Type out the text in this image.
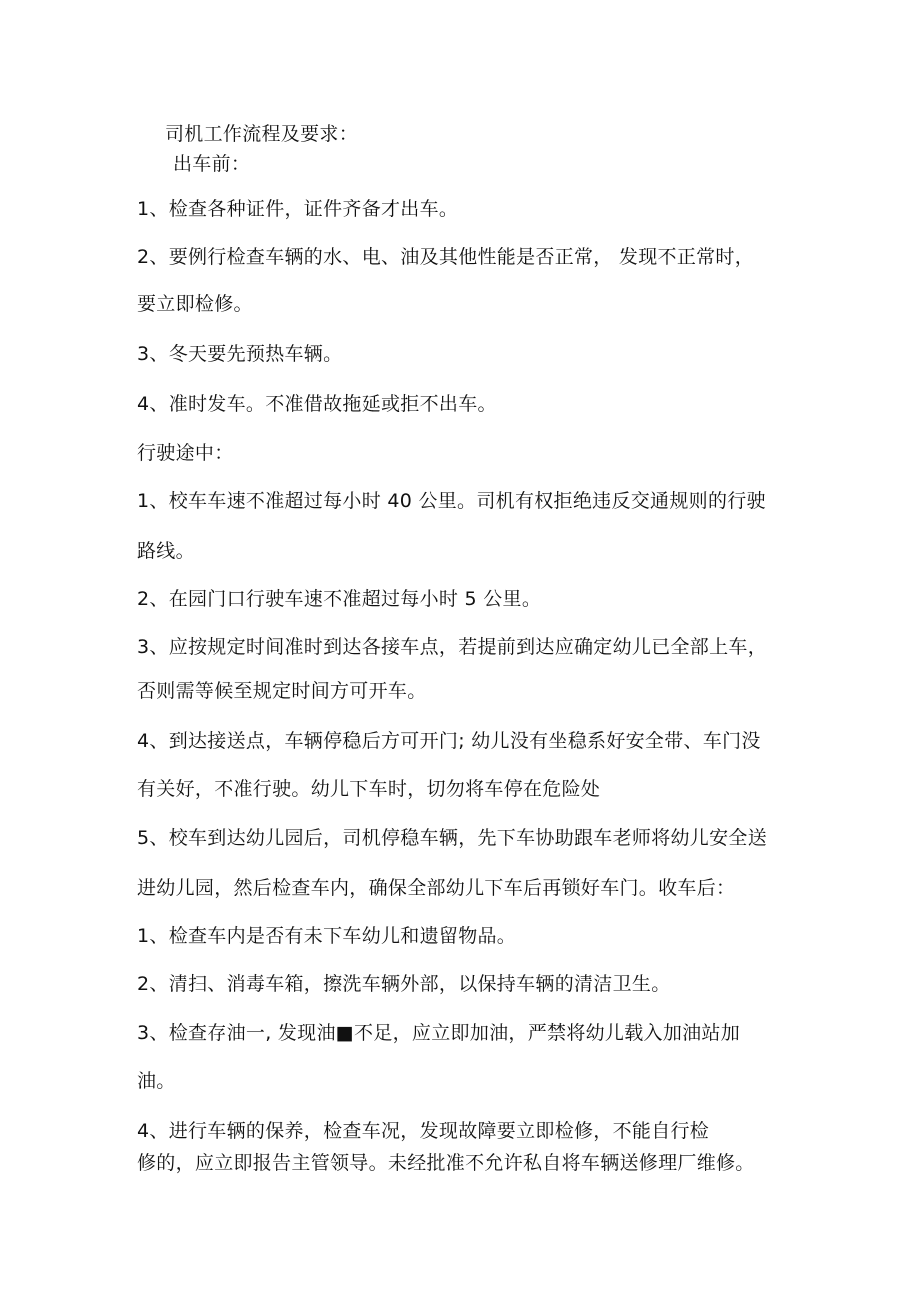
司机工作流程及要求：
出车前：
1、检查各种证件，证件齐备才出车。
2、要例行检查车辆的水、电、油及其他性能是否正常， 发现不正常时，
要立即检修。
3、冬天要先预热车辆。
4、准时发车。不准借故拖延或拒不出车。
行驶途中：
1、校车车速不准超过每小时 40 公里。司机有权拒绝违反交通规则的行驶
路线。
2、在园门口行驶车速不准超过每小时 5 公里。
3、应按规定时间准时到达各接车点，若提前到达应确定幼儿已全部上车，
否则需等候至规定时间方可开车。
4、到达接送点，车辆停稳后方可开门; 幼儿没有坐稳系好安全带、车门没
有关好，不准行驶。幼儿下车时，切勿将车停在危险处
5、校车到达幼儿园后，司机停稳车辆，先下车协助跟车老师将幼儿安全送
进幼儿园，然后检查车内，确保全部幼儿下车后再锁好车门。收车后：
1、检查车内是否有未下车幼儿和遗留物品。
2、清扫、消毒车箱，擦洗车辆外部，以保持车辆的清洁卫生。
3、检查存油一, 发现油■不足，应立即加油，严禁将幼儿载入加油站加
油。
4、进行车辆的保养，检查车况，发现故障要立即检修，不能自行检
修的，应立即报告主管领导。未经批准不允许私自将车辆送修理厂维修。
